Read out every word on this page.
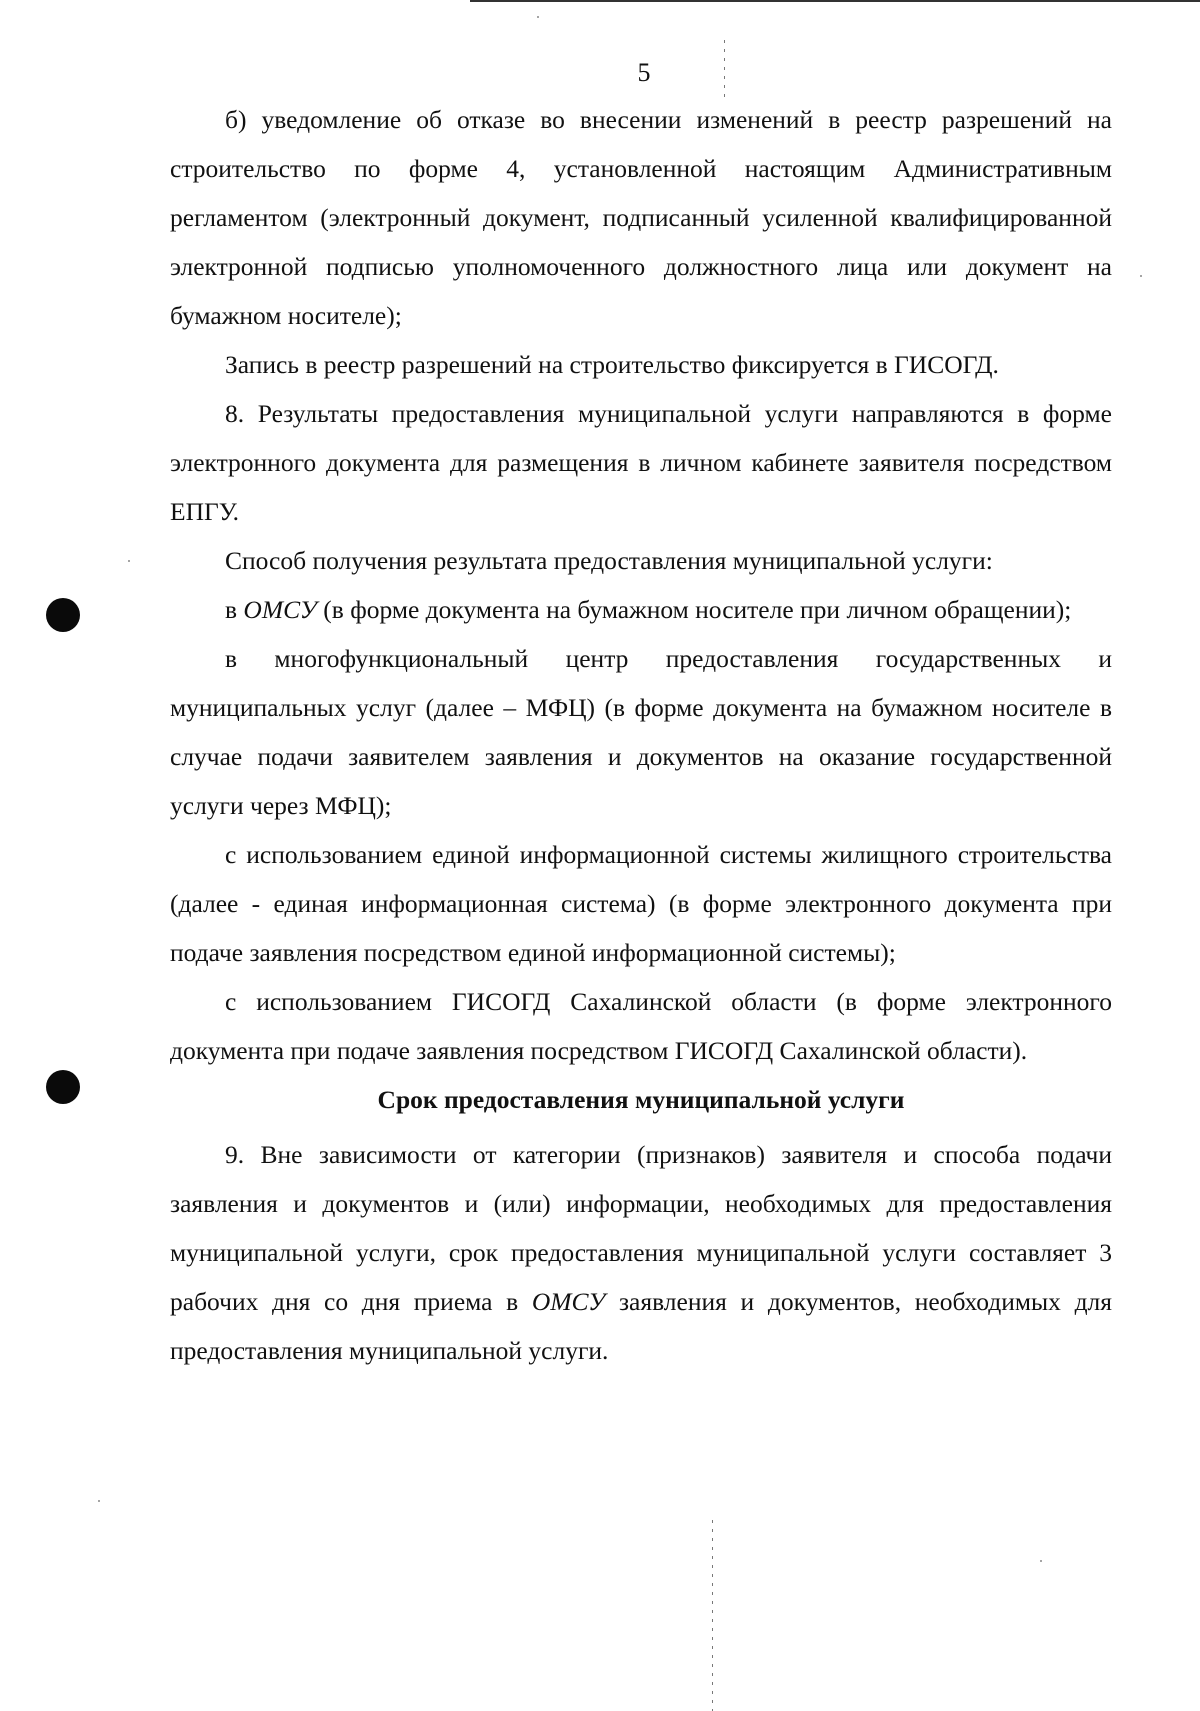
5

б) уведомление об отказе во внесении изменений в реестр разрешений на строительство по форме 4, установленной настоящим Административным регламентом (электронный документ, подписанный усиленной квалифицированной электронной подписью уполномоченного должностного лица или документ на бумажном носителе);

Запись в реестр разрешений на строительство фиксируется в ГИСОГД.

8. Результаты предоставления муниципальной услуги направляются в форме электронного документа для размещения в личном кабинете заявителя посредством ЕПГУ.

Способ получения результата предоставления муниципальной услуги:

в ОМСУ (в форме документа на бумажном носителе при личном обращении);

в многофункциональный центр предоставления государственных и муниципальных услуг (далее – МФЦ) (в форме документа на бумажном носителе в случае подачи заявителем заявления и документов на оказание государственной услуги через МФЦ);

с использованием единой информационной системы жилищного строительства (далее - единая информационная система) (в форме электронного документа при подаче заявления посредством единой информационной системы);

с использованием ГИСОГД Сахалинской области (в форме электронного документа при подаче заявления посредством ГИСОГД Сахалинской области).

Срок предоставления муниципальной услуги

9. Вне зависимости от категории (признаков) заявителя и способа подачи заявления и документов и (или) информации, необходимых для предоставления муниципальной услуги, срок предоставления муниципальной услуги составляет 3 рабочих дня со дня приема в ОМСУ заявления и документов, необходимых для предоставления муниципальной услуги.
